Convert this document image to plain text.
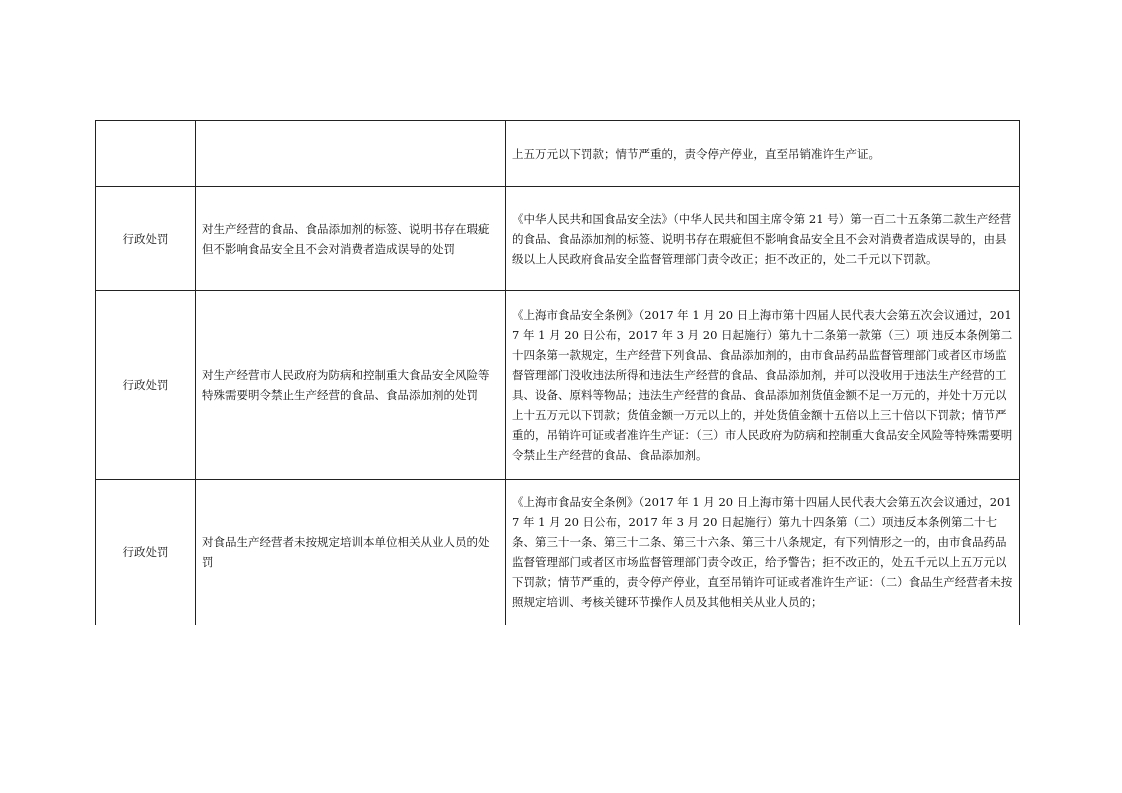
		上五万元以下罚款；情节严重的，责令停产停业，直至吊销准许生产证。

行政处罚	对生产经营的食品、食品添加剂的标签、说明书存在瑕疵但不影响食品安全且不会对消费者造成误导的处罚	《中华人民共和国食品安全法》（中华人民共和国主席令第 21 号）第一百二十五条第二款生产经营的食品、食品添加剂的标签、说明书存在瑕疵但不影响食品安全且不会对消费者造成误导的，由县级以上人民政府食品安全监督管理部门责令改正；拒不改正的，处二千元以下罚款。

行政处罚	对生产经营市人民政府为防病和控制重大食品安全风险等特殊需要明令禁止生产经营的食品、食品添加剂的处罚	《上海市食品安全条例》（2017 年 1 月 20 日上海市第十四届人民代表大会第五次会议通过，2017 年 1 月 20 日公布，2017 年 3 月 20 日起施行）第九十二条第一款第（三）项 违反本条例第二十四条第一款规定，生产经营下列食品、食品添加剂的，由市食品药品监督管理部门或者区市场监督管理部门没收违法所得和违法生产经营的食品、食品添加剂，并可以没收用于违法生产经营的工具、设备、原料等物品；违法生产经营的食品、食品添加剂货值金额不足一万元的，并处十万元以上十五万元以下罚款；货值金额一万元以上的，并处货值金额十五倍以上三十倍以下罚款；情节严重的，吊销许可证或者准许生产证：（三）市人民政府为防病和控制重大食品安全风险等特殊需要明令禁止生产经营的食品、食品添加剂。

行政处罚	对食品生产经营者未按规定培训本单位相关从业人员的处罚	《上海市食品安全条例》（2017 年 1 月 20 日上海市第十四届人民代表大会第五次会议通过，2017 年 1 月 20 日公布，2017 年 3 月 20 日起施行）第九十四条第（二）项违反本条例第二十七条、第三十一条、第三十二条、第三十六条、第三十八条规定，有下列情形之一的，由市食品药品监督管理部门或者区市场监督管理部门责令改正，给予警告；拒不改正的，处五千元以上五万元以下罚款；情节严重的，责令停产停业，直至吊销许可证或者准许生产证：（二）食品生产经营者未按照规定培训、考核关键环节操作人员及其他相关从业人员的；
